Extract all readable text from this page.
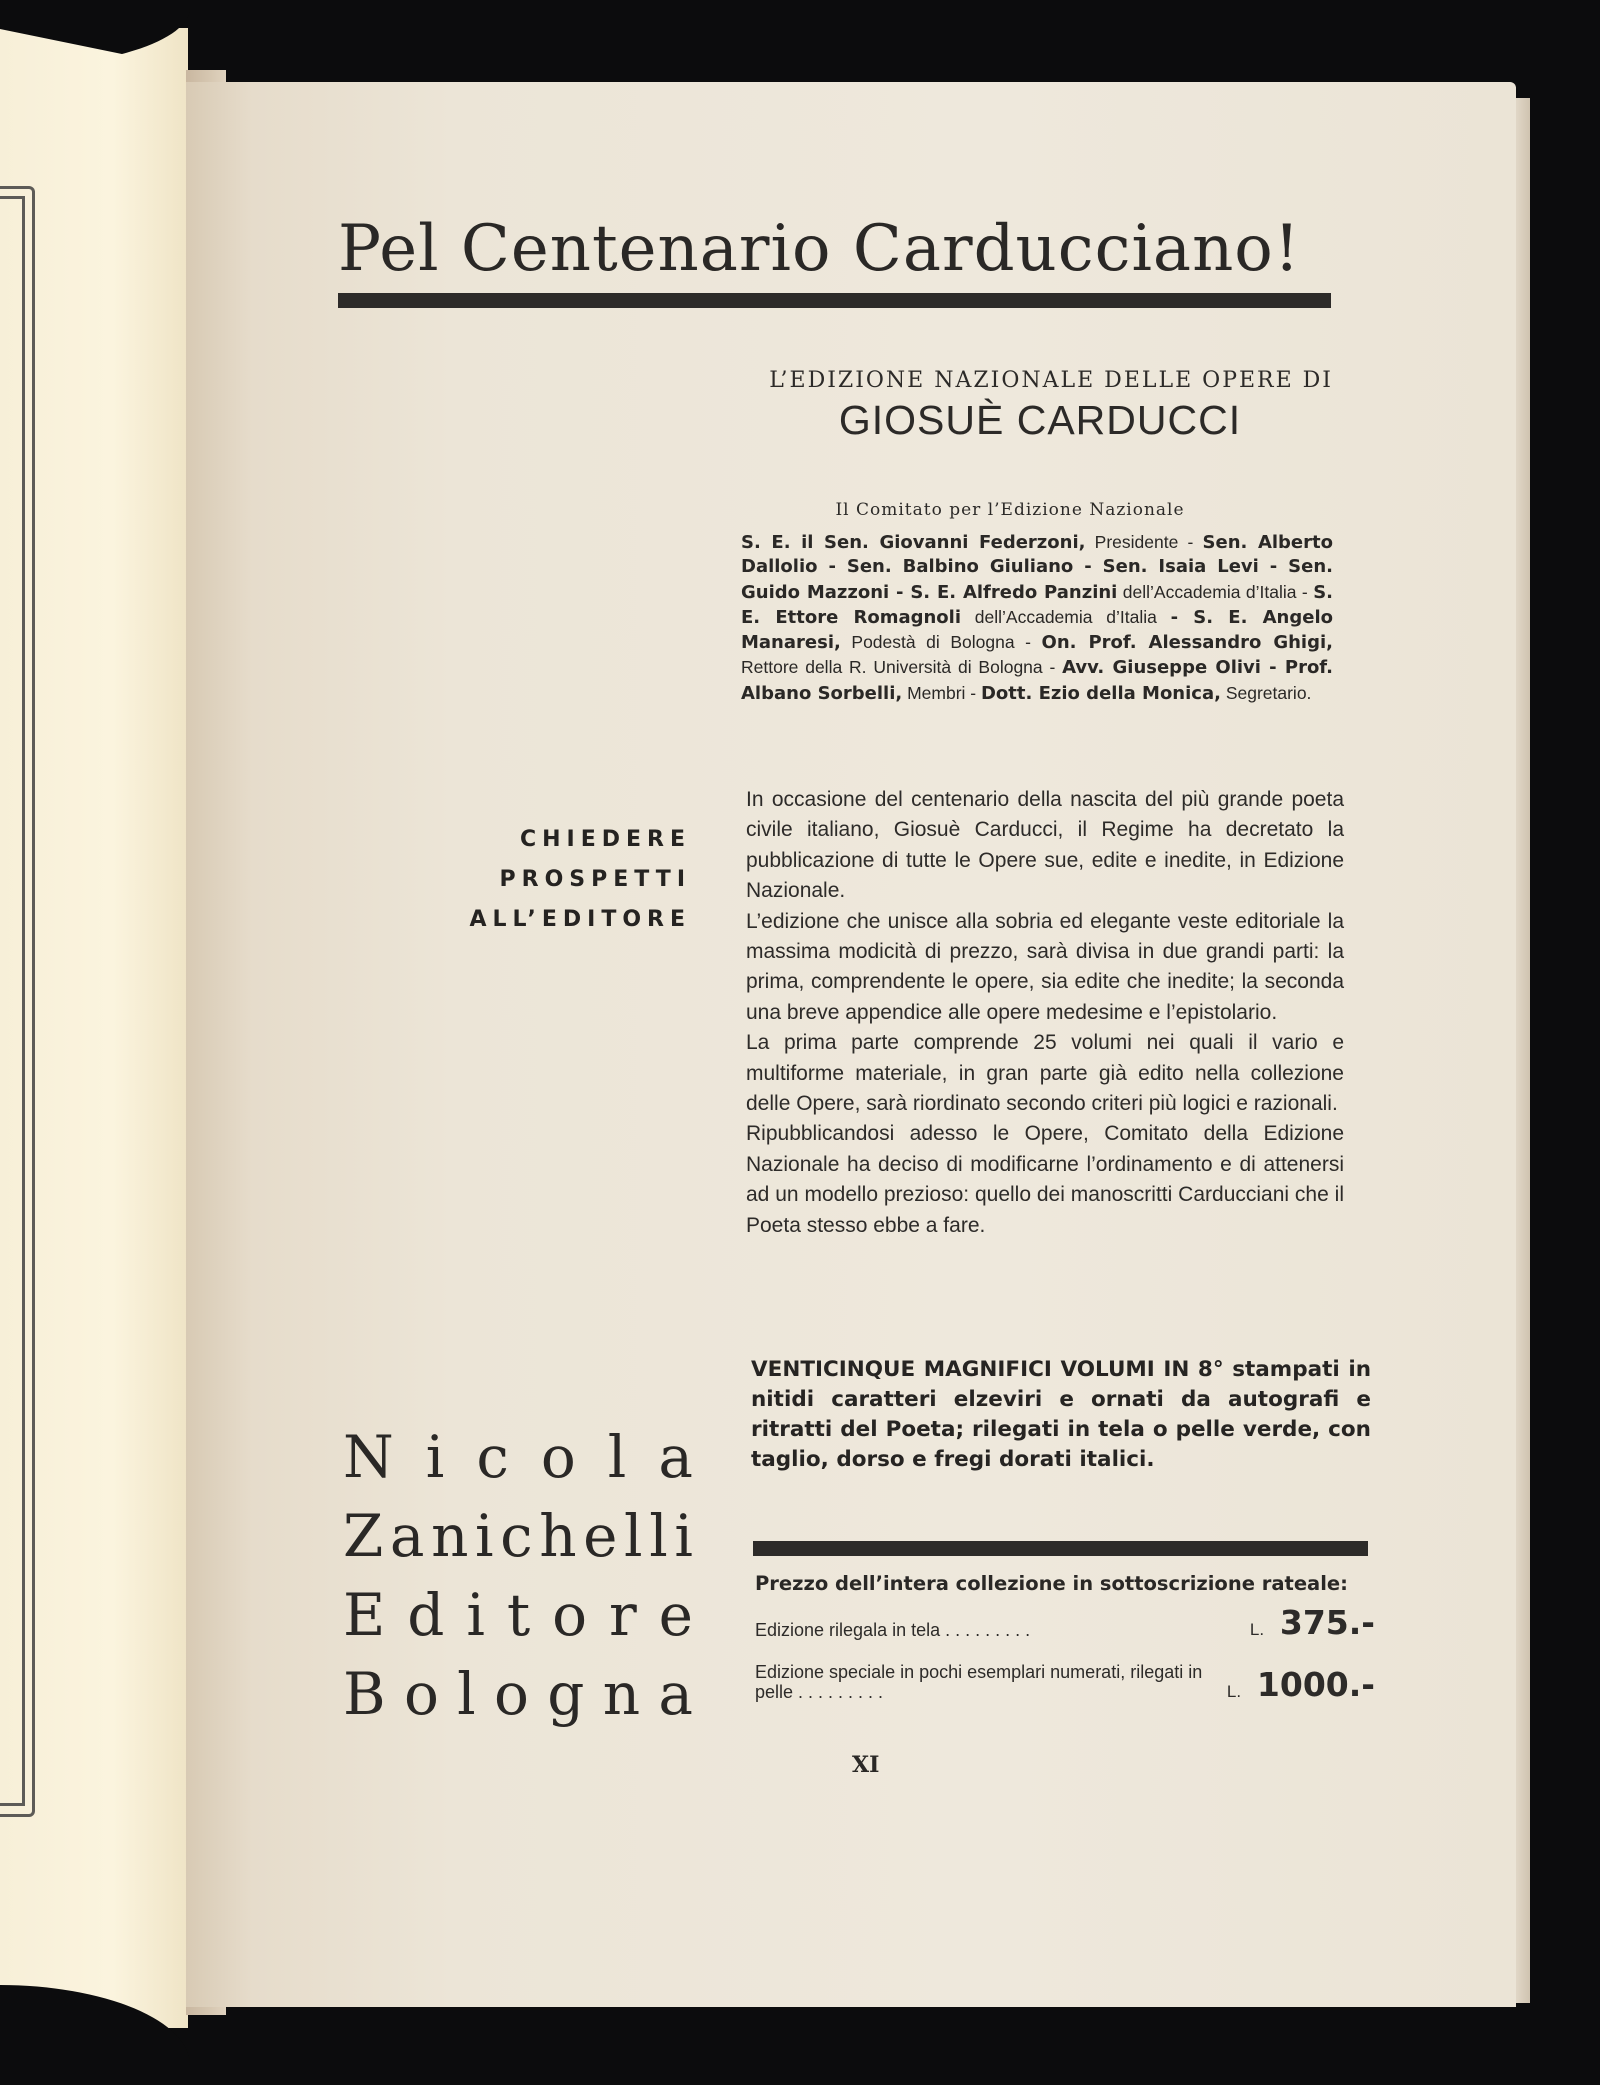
Pel Centenario Carducciano!
L’EDIZIONE NAZIONALE DELLE OPERE DI
GIOSUÈ CARDUCCI
Il Comitato per l’Edizione Nazionale
S. E. il Sen. Giovanni Federzoni, Presidente - Sen. Alberto Dallolio - Sen. Balbino Giuliano - Sen. Isaia Levi - Sen. Guido Mazzoni - S. E. Alfredo Panzini dell’Accademia d’Italia - S. E. Ettore Romagnoli dell’Accademia d’Italia - S. E. Angelo Manaresi, Podestà di Bologna - On. Prof. Alessandro Ghigi, Rettore della R. Università di Bologna - Avv. Giuseppe Olivi - Prof. Albano Sorbelli, Membri - Dott. Ezio della Monica, Segretario.
CHIEDERE
PROSPETTI
ALL’EDITORE

In occasione del centenario della nascita del più grande poeta civile italiano, Giosuè Carducci, il Regime ha decretato la pubblicazione di tutte le Opere sue, edite e inedite, in Edizione Nazionale.

L’edizione che unisce alla sobria ed elegante veste editoriale la massima modicità di prezzo, sarà divisa in due grandi parti: la prima, comprendente le opere, sia edite che inedite; la seconda una breve appendice alle opere medesime e l’epistolario.

La prima parte comprende 25 volumi nei quali il vario e multiforme materiale, in gran parte già edito nella collezione delle Opere, sarà riordinato secondo criteri più logici e razionali.

Ripubblicandosi adesso le Opere, Comitato della Edizione Nazionale ha deciso di modificarne l’ordinamento e di attenersi ad un modello prezioso: quello dei manoscritti Carducciani che il Poeta stesso ebbe a fare.

N i c o l a
Z a n i c h e l l i
E d i t o r e
B o l o g n a
VENTICINQUE MAGNIFICI VOLUMI IN 8° stampati in nitidi caratteri elzeviri e ornati da autografi e ritratti del Poeta; rilegati in tela o pelle verde, con taglio, dorso e fregi dorati italici.
Prezzo dell’intera collezione in sottoscrizione rateale:
Edizione rilegala in tela . . . . . . . . .	L. 375.-
Edizione speciale in pochi esemplari numerati, rilegati in pelle . . . . . . . . .	L. 1000.-
XI
